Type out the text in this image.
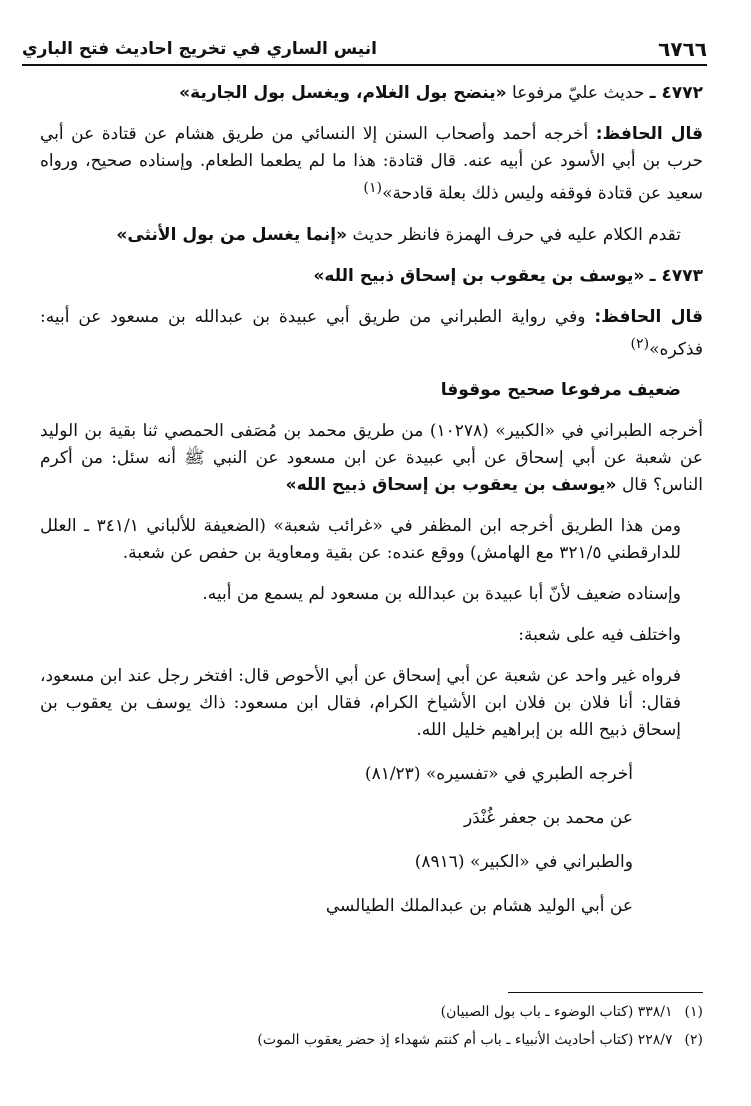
٦٧٦٦
انيس الساري في تخريج احاديث فتح الباري

٤٧٧٢ ـ حديث عليّ مرفوعا «ينضح بول الغلام، ويغسل بول الجارية»

قال الحافظ: أخرجه أحمد وأصحاب السنن إلا النسائي من طريق هشام عن قتادة عن أبي حرب بن أبي الأسود عن أبيه عنه. قال قتادة: هذا ما لم يطعما الطعام. وإسناده صحيح، ورواه سعيد عن قتادة فوقفه وليس ذلك بعلة قادحة»$^{(١)}$

تقدم الكلام عليه في حرف الهمزة فانظر حديث «إنما يغسل من بول الأنثى»

٤٧٧٣ ـ «يوسف بن يعقوب بن إسحاق ذبيح الله»

قال الحافظ: وفي رواية الطبراني من طريق أبي عبيدة بن عبدالله بن مسعود عن أبيه: فذكره»$^{(٢)}$

ضعيف مرفوعا صحيح موقوفا

أخرجه الطبراني في «الكبير» (١٠٢٧٨) من طريق محمد بن مُصَفى الحمصي ثنا بقية بن الوليد عن شعبة عن أبي إسحاق عن أبي عبيدة عن ابن مسعود عن النبي ﷺ أنه سئل: من أكرم الناس؟ قال «يوسف بن يعقوب بن إسحاق ذبيح الله»

ومن هذا الطريق أخرجه ابن المظفر في «غرائب شعبة» (الضعيفة للألباني ٣٤١/١ ـ العلل للدارقطني ٣٢١/٥ مع الهامش) ووقع عنده: عن بقية ومعاوية بن حفص عن شعبة.

وإسناده ضعيف لأنّ أبا عبيدة بن عبدالله بن مسعود لم يسمع من أبيه.

واختلف فيه على شعبة:

فرواه غير واحد عن شعبة عن أبي إسحاق عن أبي الأحوص قال: افتخر رجل عند ابن مسعود، فقال: أنا فلان بن فلان ابن الأشياخ الكرام، فقال ابن مسعود: ذاك يوسف بن يعقوب بن إسحاق ذبيح الله بن إبراهيم خليل الله.

أخرجه الطبري في «تفسيره» (٨١/٢٣)

عن محمد بن جعفر غُنْدَر

والطبراني في «الكبير» (٨٩١٦)

عن أبي الوليد هشام بن عبدالملك الطيالسي

(١)
٣٣٨/١ (كتاب الوضوء ـ باب بول الصبيان)
(٢)
٢٢٨/٧ (كتاب أحاديث الأنبياء ـ باب أم كنتم شهداء إذ حضر يعقوب الموت)
